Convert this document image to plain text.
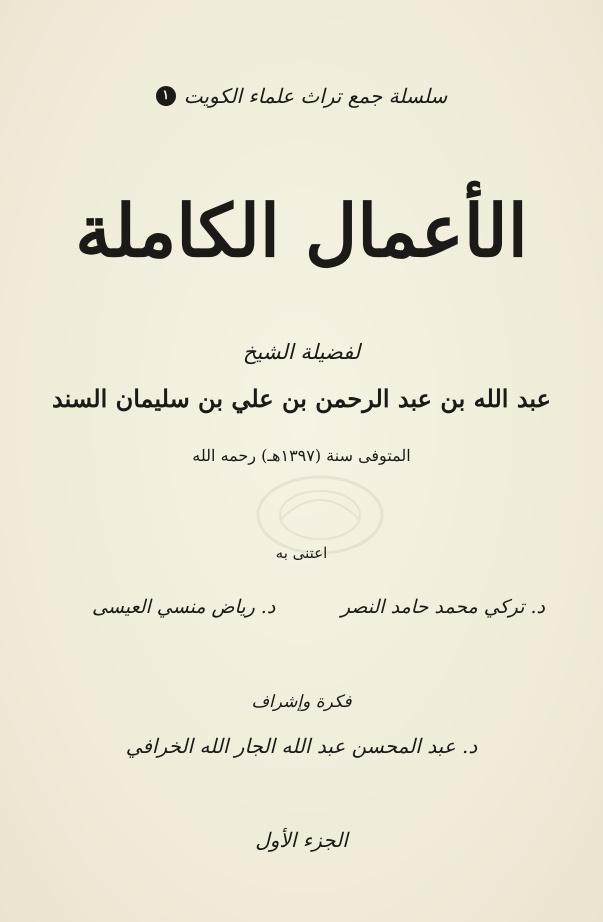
سلسلة جمع تراث علماء الكويت
١
الأعمال الكاملة
لفضيلة الشيخ
عبد الله بن عبد الرحمن بن علي بن سليمان السند
المتوفى سنة (١٣٩٧هـ) رحمه الله
اعتنى به
د. تركي محمد حامد النصر
د. رياض منسي العيسى
فكرة وإشراف
د. عبد المحسن عبد الله الجار الله الخرافي
الجزء الأول
